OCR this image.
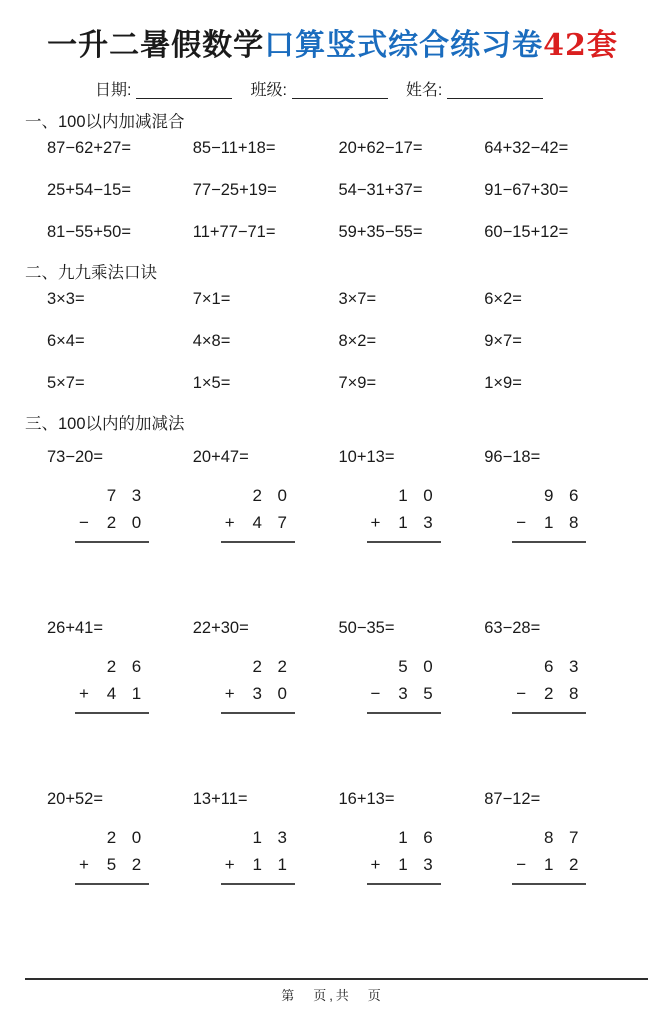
一升二暑假数学口算竖式综合练习卷42套
日期:	班级:	姓名:
一、100以内加减混合
87−62+27=	85−11+18=	20+62−17=	64+32−42=
25+54−15=	77−25+19=	54−31+37=	91−67+30=
81−55+50=	11+77−71=	59+35−55=	60−15+12=
二、九九乘法口诀
3×3=	7×1=	3×7=	6×2=
6×4=	4×8=	8×2=	9×7=
5×7=	1×5=	7×9=	1×9=
三、100以内的加减法
73−20=	20+47=	10+13=	96−18=
7 3
−	2 0
2 0
+	4 7
1 0
+	1 3
9 6
−	1 8
26+41=	22+30=	50−35=	63−28=
2 6
+	4 1
2 2
+	3 0
5 0
−	3 5
6 3
−	2 8
20+52=	13+11=	16+13=	87−12=
2 0
+	5 2
1 3
+	1 1
1 6
+	1 3
8 7
−	1 2
第　页,共　页
